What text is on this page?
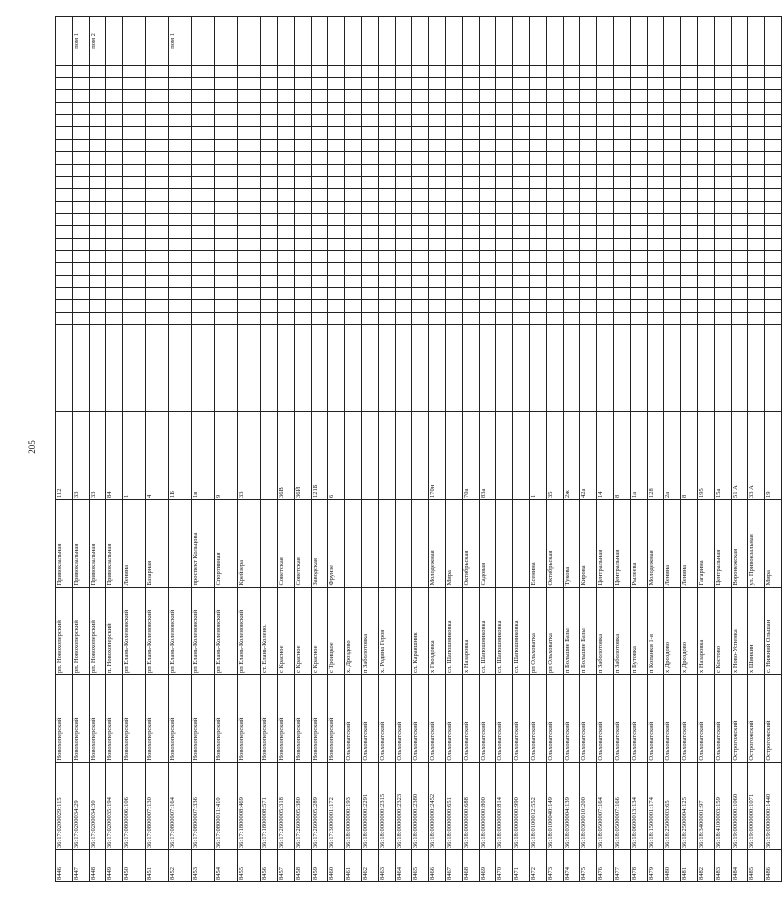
205
8446	36:17:0200029:115	Новохоперский	рп. Новохоперский	Привокзальная	112																							
8447	36:17:0200034:29	Новохоперский	рп. Новохоперский	Привокзальная	33																							пом 1
8448	36:17:0200034:30	Новохоперский	рп. Новохоперский	Привокзальная	33																							пом 2
8449	36:17:0200035:194	Новохоперский	п. Новохоперский	Привокзальная	84																							
8450	36:17:0800006:106	Новохоперский	рп Елань-Коленовский	Ленина	1																							
8451	36:17:0800007:130	Новохоперский	рп Елань-Коленовский	Базарная	4																							
8452	36:17:0800007:164	Новохоперский	рп Елань-Коленовский		1Б																							пом 1
8453	36:17:0800007:336	Новохоперский	рп Елань-Коленовский	проспект Кольцова	1в																							
8454	36:17:0800011:410	Новохоперский	рп Елань-Коленовский	Спортивная	9																							
8455	36:17:1800008:469	Новохоперский	рп Елань-Коленовский	Крейзера	33																							
8456	36:17:1800008:571	Новохоперский	ст. Елань-Колено.																									
8457	36:17:2600005:318	Новохоперский	с Красное	Советская	36В																							
8458	36:17:2600005:380	Новохоперский	с Красное	Советская	36Й																							
8459	36:17:2600005:289	Новохоперский	с Красное	Заводская	121Б																							
8460	36:17:3000001:172	Новохоперский	с Троицкое	Фрунзе	6																							
8461	36:18:0000000:193	Ольховатский	х. Дроздово																									
8462	36:18:0000000:2291	Ольховатский	п Заболотовка																									
8463	36:18:0000000:2315	Ольховатский	х. Родина Героя																									
8464	36:18:0000000:2323	Ольховатский																										
8465	36:18:0000000:2380	Ольховатский	сл. Караяшник																									
8466	36:18:0000000:2452	Ольховатский	х Гвоздовка	Молодежная	170н																							
8467	36:18:0000000:651	Ольховатский	сл. Шапошниковка	Мира																								
8468	36:18:0000000:688	Ольховатский	х Назаровка	Октябрьская	70а																							
8469	36:18:0000000:800	Ольховатский	сл. Шапошниковка	Садовая	83а																							
8470	36:18:0000000:814	Ольховатский	сл. Шапошниковка																									
8471	36:18:0000000:990	Ольховатский	сл. Шапошниковка																									
8472	36:18:0100012:552	Ольховатский	рп Ольховатка	Есенина	1																							
8473	36:18:0100040:149	Ольховатский	рп Ольховатка	Октябрьская	35																							
8474	36:18:0300004:139	Ольховатский	п Большие Базы	Тукова	2ж																							
8475	36:18:0300010:200	Ольховатский	п Большие Базы	Кирова	42а																							
8476	36:18:0500007:164	Ольховатский	п Заболотовка	Центральная	14																							
8477	36:18:0500007:166	Ольховатский	п Заболотовка	Центральная	8																							
8478	36:18:0600013:134	Ольховатский	п Бутовка	Рылеева	1а																							
8479	36:18:1500001:174	Ольховатский	п Копанки 1-я	Молодежная	128																							
8480	36:18:2500003:65	Ольховатский	х Дроздово	Ленина	2а																							
8481	36:18:2500004:125	Ольховатский	х Дроздово	Ленина	8																							
8482	36:18:3400001:97	Ольховатский	х Назаровка	Гагарина	195																							
8483	36:18:4100003:159	Ольховатский	с Костово	Центральная	15а																							
8484	36:19:0000000:1060	Острогожский	х Ново-Успенка	Воронежская	51 А																							
8485	36:19:0000000:1071	Острогожский	х Шинкин	ул. Привокзальная	33 А																							
8486	36:19:0000000:1440	Острогожский	с. Нижний Ольшан	Мира	19																							
